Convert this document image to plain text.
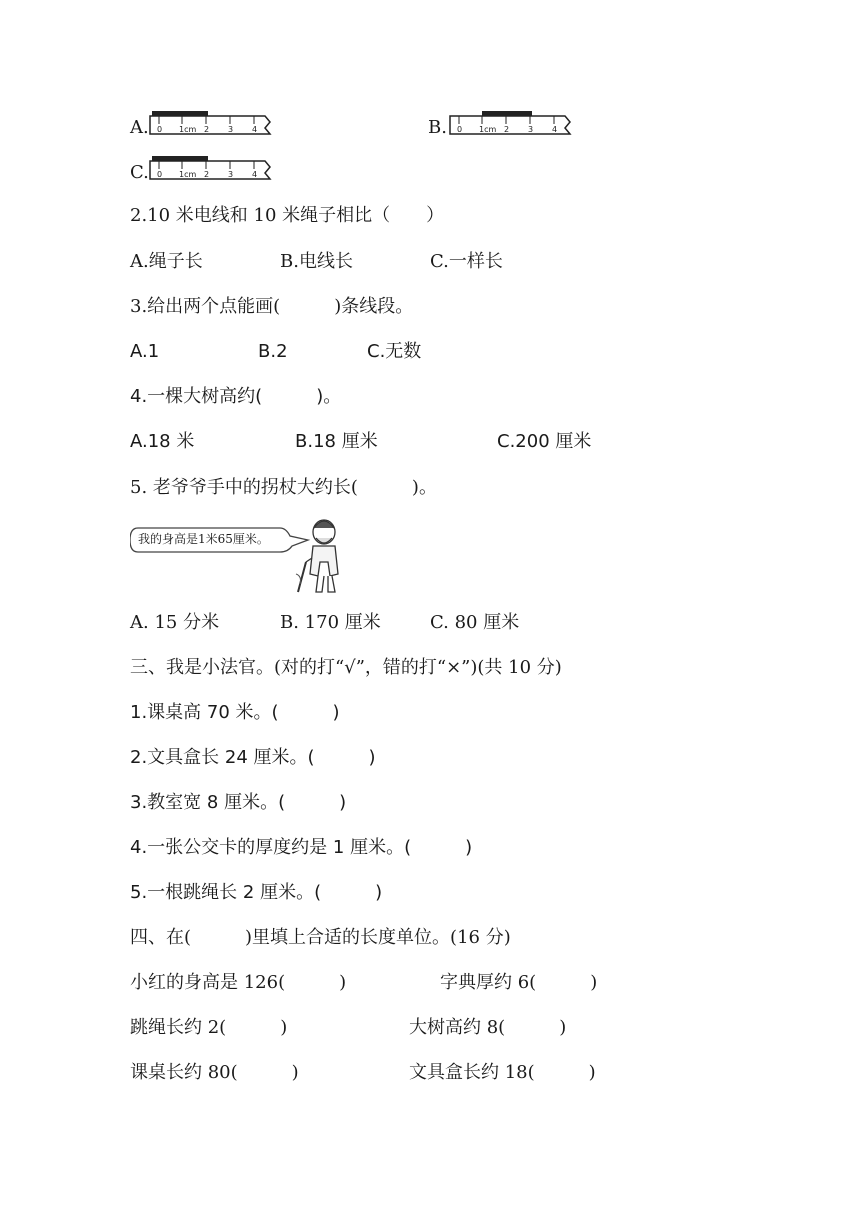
A. 0 1cm 2 3 4	B. 0 1cm 2 3 4
C. 0 1cm 2 3 4
2.10 米电线和 10 米绳子相比（　　）
A.绳子长	B.电线长	C.一样长
3.给出两个点能画(　　　)条线段。
A.1	B.2	C.无数
4.一棵大树高约(　　　)。
A.18 米	B.18 厘米	C.200 厘米
5. 老爷爷手中的拐杖大约长(　　　)。
我的身高是1米65厘米。
A. 15 分米	B. 170 厘米	C. 80 厘米
三、我是小法官。(对的打“√”，错的打“×”)(共 10 分)
1.课桌高 70 米。(　　　)
2.文具盒长 24 厘米。(　　　)
3.教室宽 8 厘米。(　　　)
4.一张公交卡的厚度约是 1 厘米。(　　　)
5.一根跳绳长 2 厘米。(　　　)
四、在(　　　)里填上合适的长度单位。(16 分)
小红的身高是 126(　　　)	字典厚约 6(　　　)
跳绳长约 2(　　　)	大树高约 8(　　　)
课桌长约 80(　　　)	文具盒长约 18(　　　)
